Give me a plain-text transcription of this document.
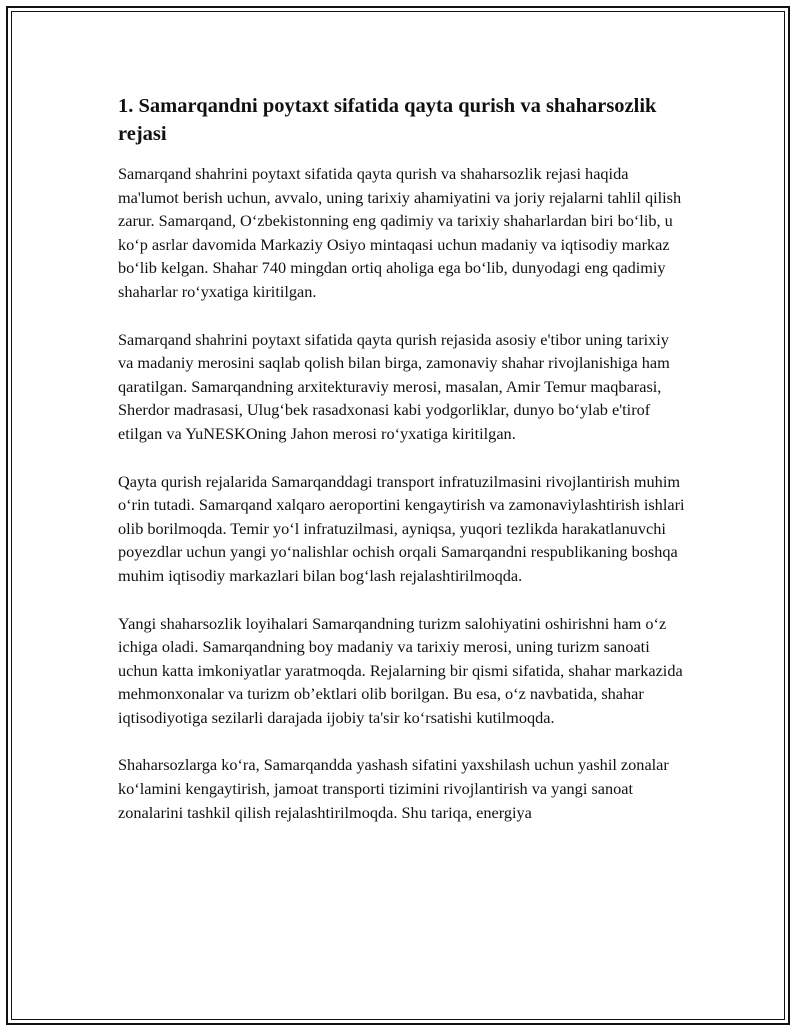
1. Samarqandni poytaxt sifatida qayta qurish va shaharsozlik rejasi

Samarqand shahrini poytaxt sifatida qayta qurish va shaharsozlik rejasi haqida ma'lumot berish uchun, avvalo, uning tarixiy ahamiyatini va joriy rejalarni tahlil qilish zarur. Samarqand, O‘zbekistonning eng qadimiy va tarixiy shaharlardan biri bo‘lib, u ko‘p asrlar davomida Markaziy Osiyo mintaqasi uchun madaniy va iqtisodiy markaz bo‘lib kelgan. Shahar 740 mingdan ortiq aholiga ega bo‘lib, dunyodagi eng qadimiy shaharlar ro‘yxatiga kiritilgan.

Samarqand shahrini poytaxt sifatida qayta qurish rejasida asosiy e'tibor uning tarixiy va madaniy merosini saqlab qolish bilan birga, zamonaviy shahar rivojlanishiga ham qaratilgan. Samarqandning arxitekturaviy merosi, masalan, Amir Temur maqbarasi, Sherdor madrasasi, Ulug‘bek rasadxonasi kabi yodgorliklar, dunyo bo‘ylab e'tirof etilgan va YuNESKOning Jahon merosi ro‘yxatiga kiritilgan.

Qayta qurish rejalarida Samarqanddagi transport infratuzilmasini rivojlantirish muhim o‘rin tutadi. Samarqand xalqaro aeroportini kengaytirish va zamonaviylashtirish ishlari olib borilmoqda. Temir yo‘l infratuzilmasi, ayniqsa, yuqori tezlikda harakatlanuvchi poyezdlar uchun yangi yo‘nalishlar ochish orqali Samarqandni respublikaning boshqa muhim iqtisodiy markazlari bilan bog‘lash rejalashtirilmoqda.

Yangi shaharsozlik loyihalari Samarqandning turizm salohiyatini oshirishni ham o‘z ichiga oladi. Samarqandning boy madaniy va tarixiy merosi, uning turizm sanoati uchun katta imkoniyatlar yaratmoqda. Rejalarning bir qismi sifatida, shahar markazida mehmonxonalar va turizm ob’ektlari olib borilgan. Bu esa, o‘z navbatida, shahar iqtisodiyotiga sezilarli darajada ijobiy ta'sir ko‘rsatishi kutilmoqda.

Shaharsozlarga ko‘ra, Samarqandda yashash sifatini yaxshilash uchun yashil zonalar ko‘lamini kengaytirish, jamoat transporti tizimini rivojlantirish va yangi sanoat zonalarini tashkil qilish rejalashtirilmoqda. Shu tariqa, energiya
